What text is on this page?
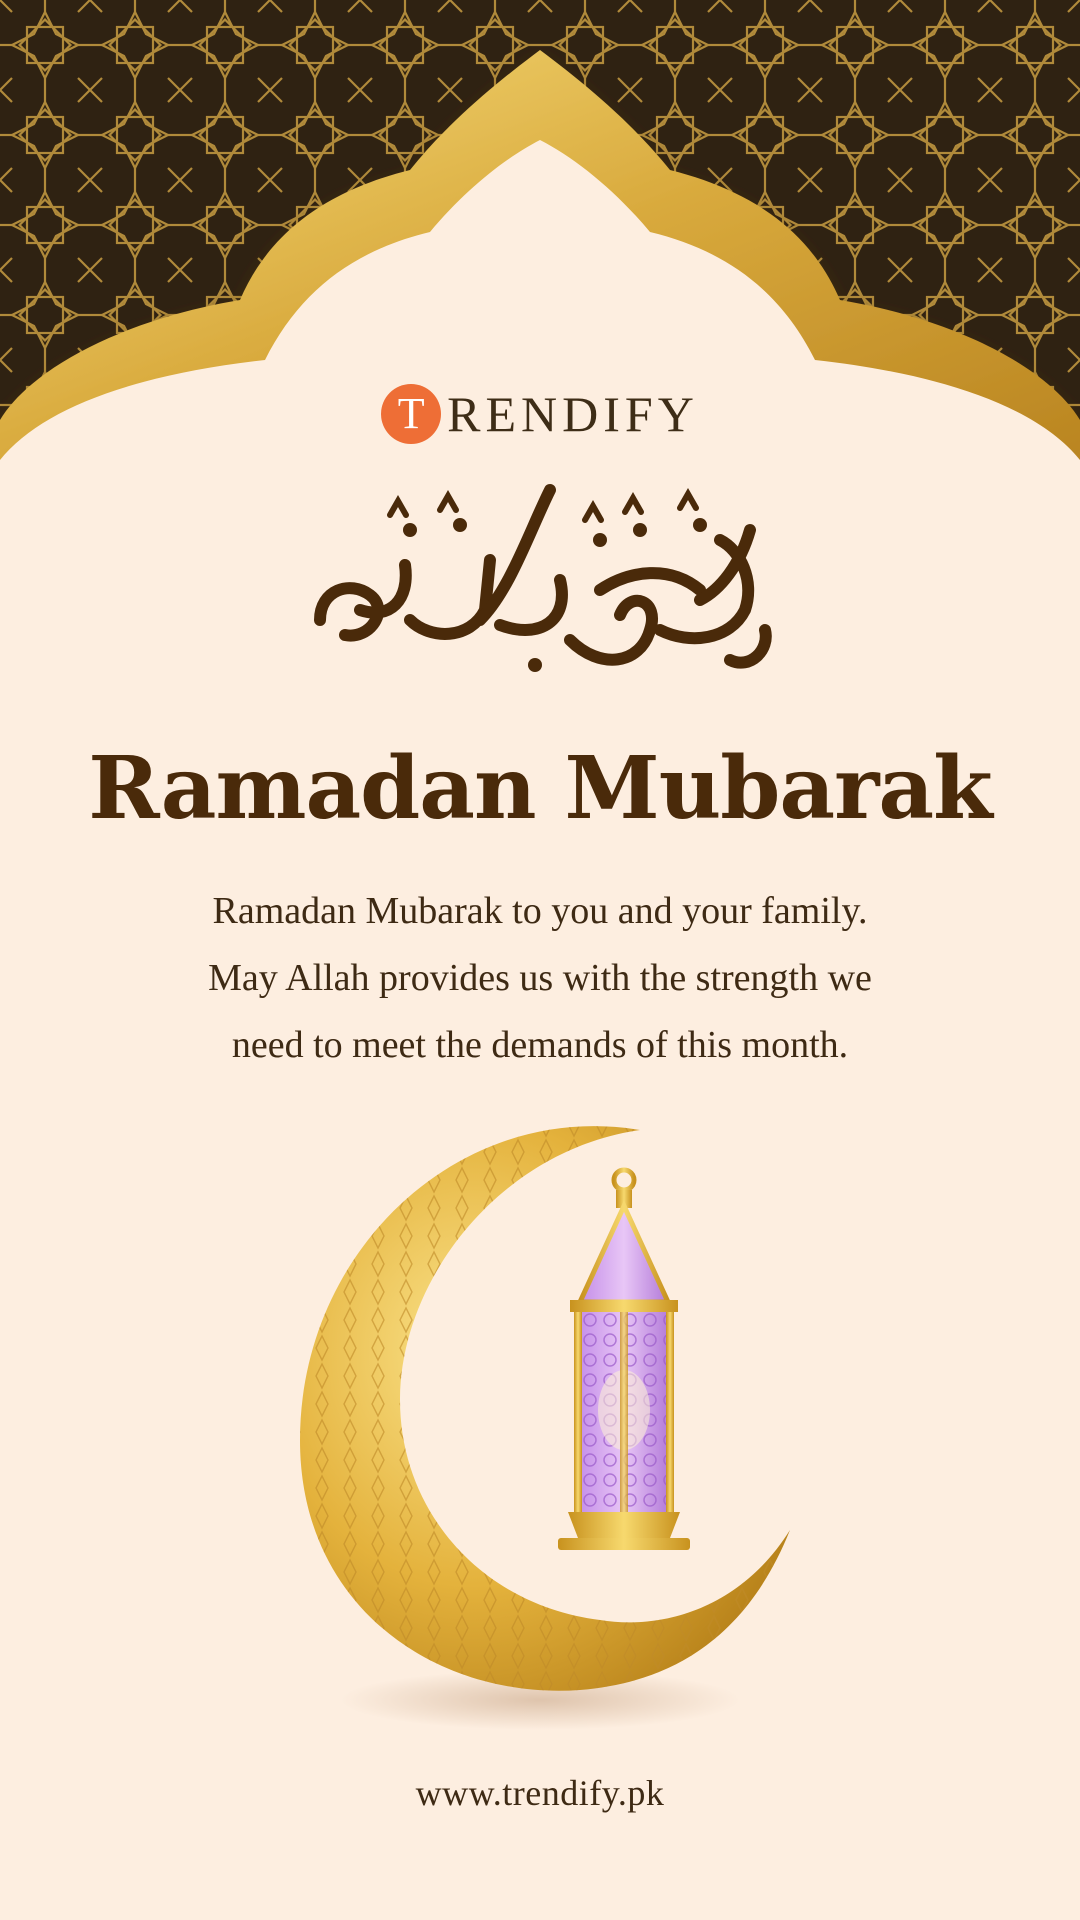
T RENDIFY
Ramadan Mubarak
Ramadan Mubarak to you and your family.
May Allah provides us with the strength we
need to meet the demands of this month.
www.trendify.pk
